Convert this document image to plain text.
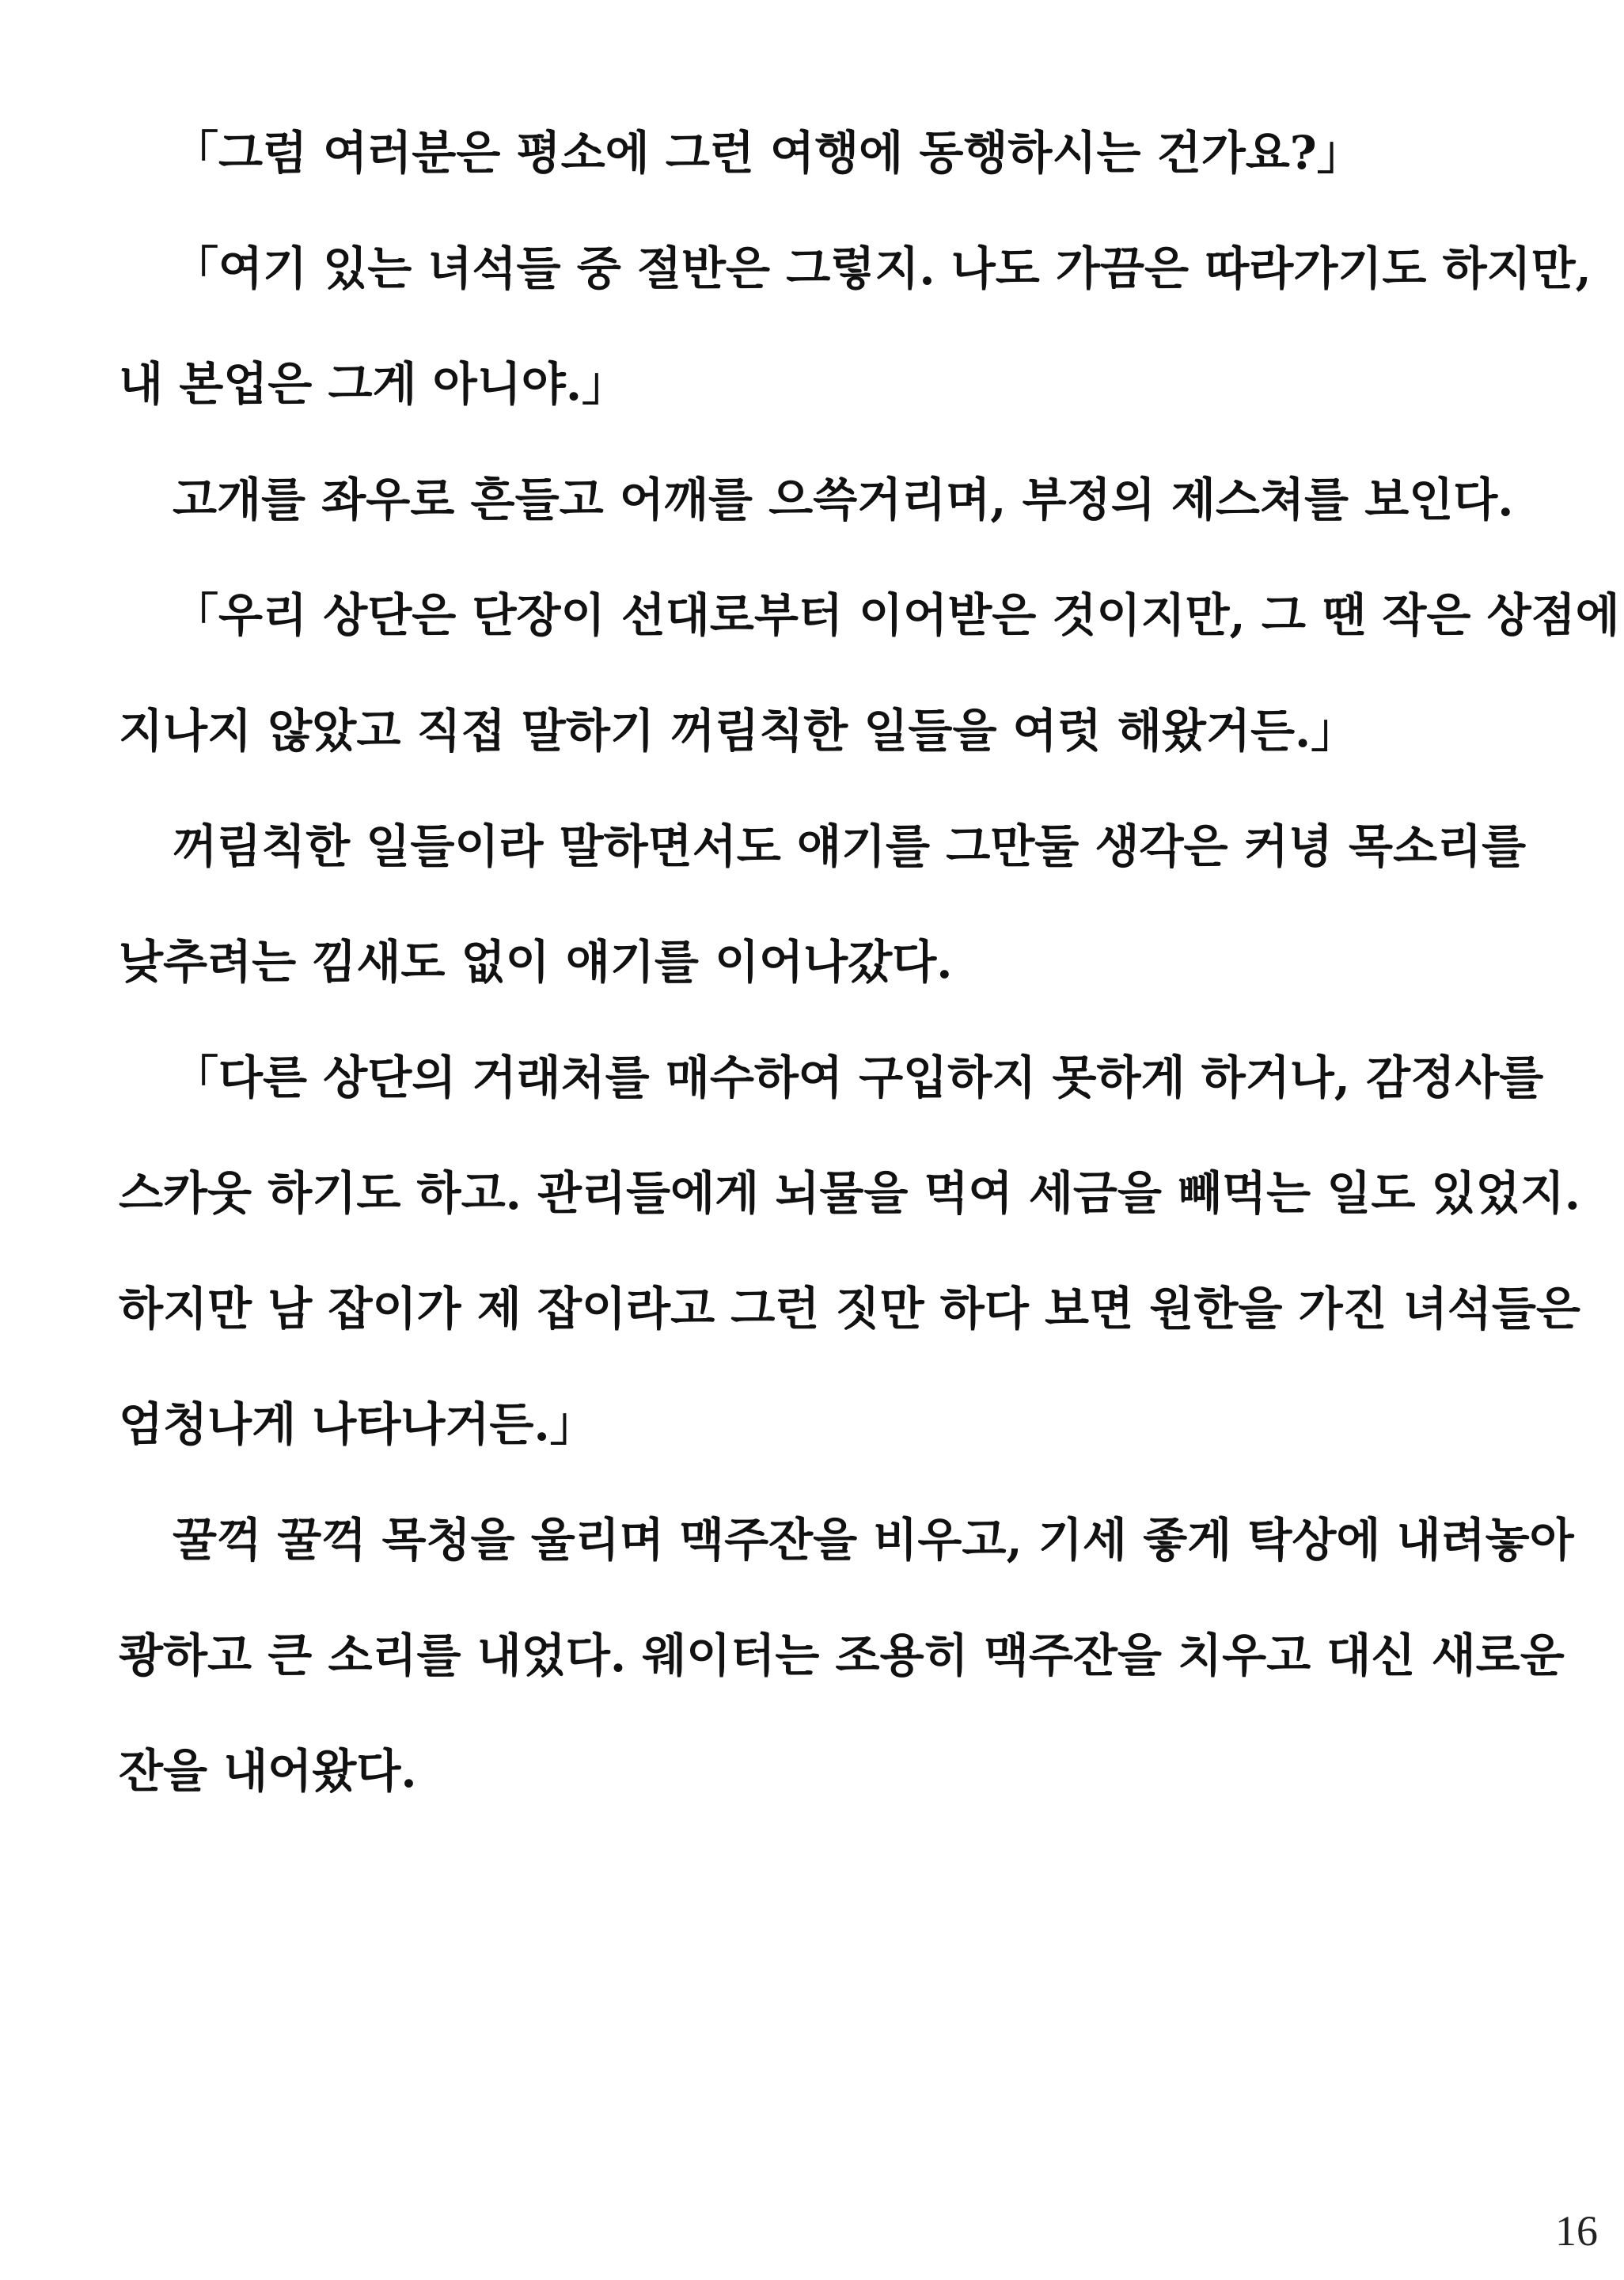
「그럼 여러분은 평소에 그런 여행에 동행하시는 건가요?」
「여기 있는 녀석들 중 절반은 그렇지. 나도 가끔은 따라가기도 하지만,
내 본업은 그게 아니야.」
고개를 좌우로 흔들고 어깨를 으쓱거리며, 부정의 제스쳐를 보인다.
「우리 상단은 단장이 선대로부터 이어받은 것이지만, 그 땐 작은 상점에
지나지 않았고 직접 말하기 꺼림칙한 일들을 여럿 해왔거든.」
꺼림칙한 일들이라 말하면서도 얘기를 그만둘 생각은 커녕 목소리를
낮추려는 낌새도 없이 얘기를 이어나갔다.
「다른 상단의 거래처를 매수하여 구입하지 못하게 하거나, 감정사를
스카웃 하기도 하고. 관리들에게 뇌물을 먹여 세금을 빼먹는 일도 있었지.
하지만 남 잡이가 제 잡이라고 그런 짓만 하다 보면 원한을 가진 녀석들은
엄청나게 나타나거든.」
꿀꺽 꿀꺽 목청을 울리며 맥주잔을 비우고, 기세 좋게 탁상에 내려놓아
쾅하고 큰 소리를 내었다. 웨이터는 조용히 맥주잔을 치우고 대신 새로운
잔을 내어왔다.
16
